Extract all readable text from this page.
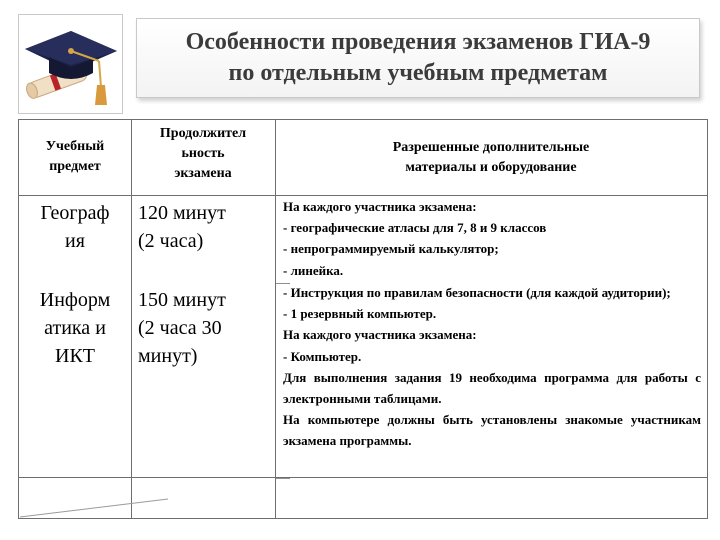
Особенности проведения экзаменов ГИА-9
по отдельным учебным предметам
Учебный
предмет
Продолжител
ьность
экзамена
Разрешенные дополнительные
материалы и оборудование
Географ
ия
120 минут
(2 часа)
На каждого участника экзамена:
- географические атласы для 7, 8 и 9 классов
- непрограммируемый калькулятор;
- линейка.
Информ
атика и
ИКТ
150 минут
(2 часа 30
минут)
- Инструкция по правилам безопасности (для каждой аудитории);
- 1 резервный компьютер.
На каждого участника экзамена:
- Компьютер.
Для выполнения задания 19 необходима программа для работы с электронными таблицами.
На компьютере должны быть установлены знакомые участникам экзамена программы.
